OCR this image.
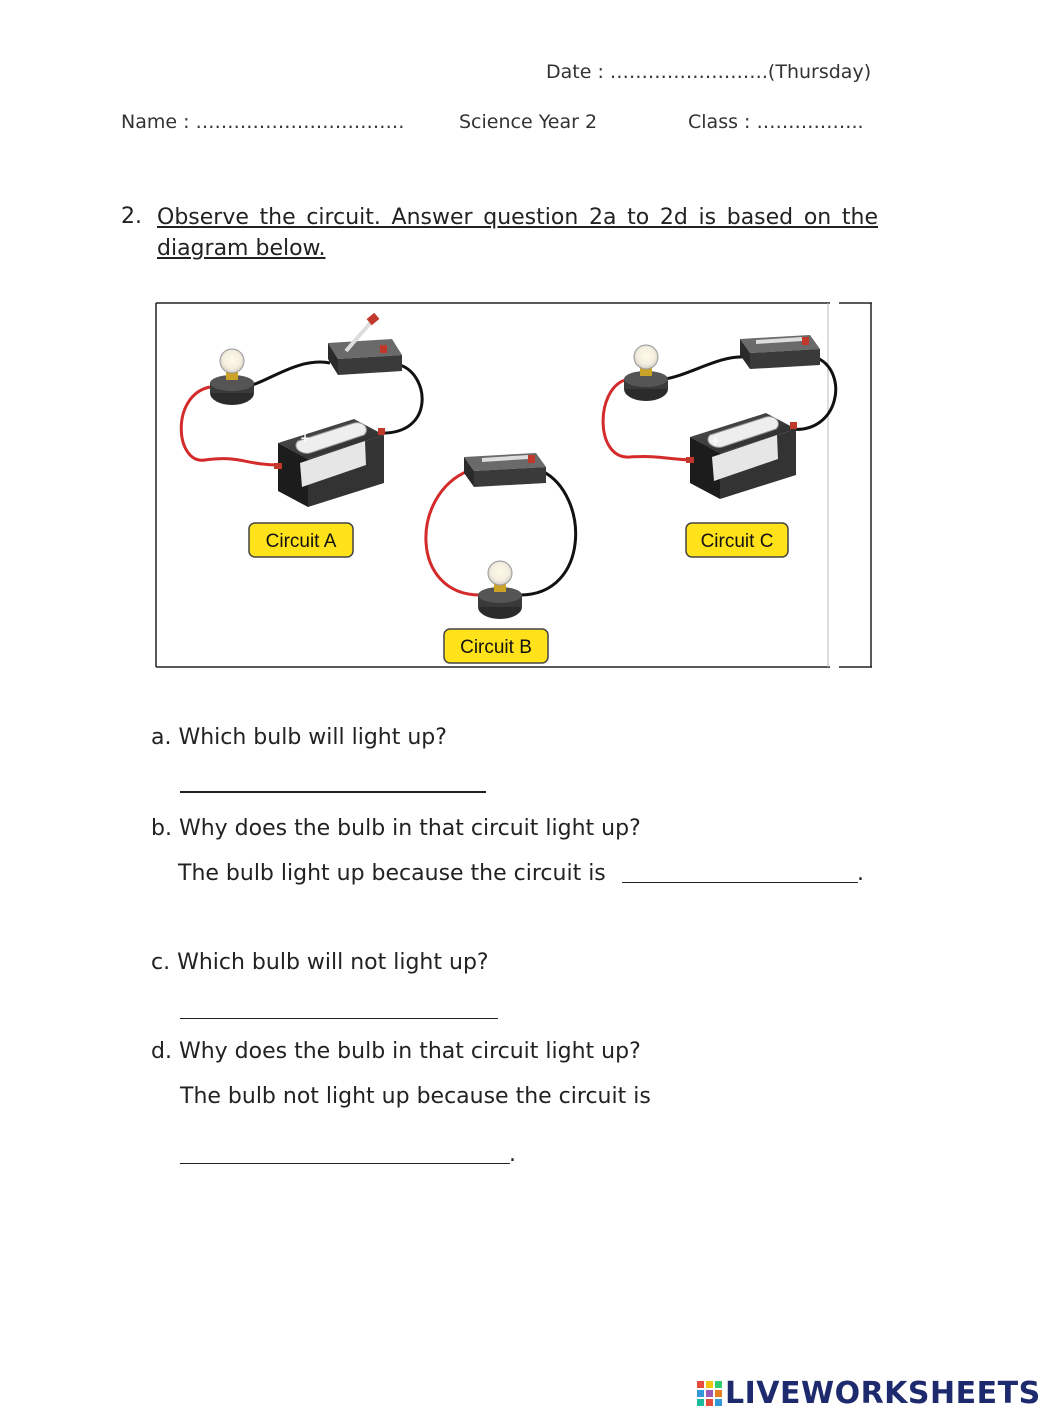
Date : …………………….(Thursday)
Name : ……………………………	Science Year 2	Class : ……………..
2. Observe the circuit. Answer question 2a to 2d is based on the
diagram below.
+
Circuit A
Circuit B
+
Circuit C
a. Which bulb will light up?
b. Why does the bulb in that circuit light up?
The bulb light up because the circuit is	.
c. Which bulb will not light up?
d. Why does the bulb in that circuit light up?
The bulb not light up because the circuit is
.
LIVEWORKSHEETS
